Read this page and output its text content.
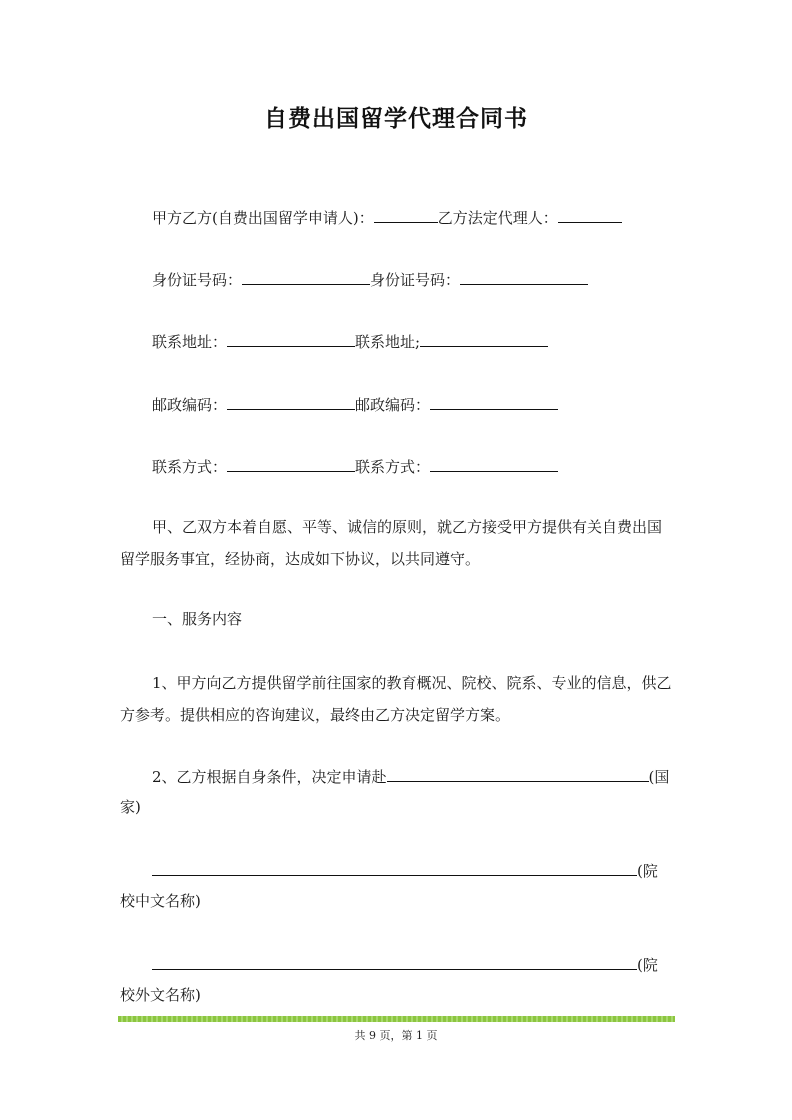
自费出国留学代理合同书
甲方乙方(自费出国留学申请人)：	乙方法定代理人：
身份证号码：	身份证号码：
联系地址：	联系地址;
邮政编码：	邮政编码：
联系方式：	联系方式：
甲、乙双方本着自愿、平等、诚信的原则，就乙方接受甲方提供有关自费出国留学服务事宜，经协商，达成如下协议，以共同遵守。
一、服务内容
1、甲方向乙方提供留学前往国家的教育概况、院校、院系、专业的信息，供乙方参考。提供相应的咨询建议，最终由乙方决定留学方案。
2、乙方根据自身条件，决定申请赴	(国
家)
(院
校中文名称)
(院
校外文名称)
共 9 页，第 1 页
